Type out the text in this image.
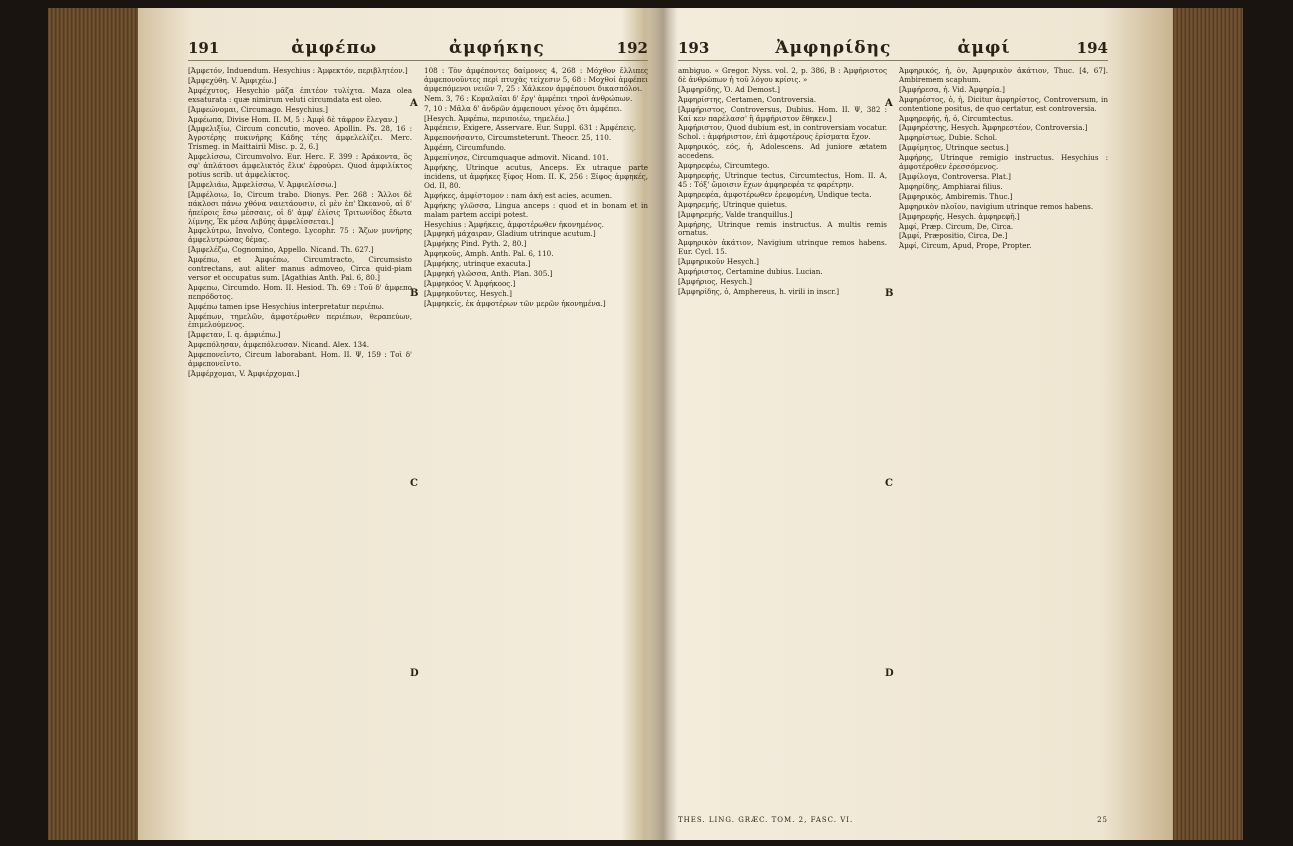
191	ἀμφέπω	ἀμφήκης	192

[Ἀμφετόν, Induendum. Hesychius : Ἀμφεκτόν, περιβλητέον.]

[Ἀμφεχύθη. V. Ἀμφιχέω.]

Ἀμφέχυτος, Hesychio μᾶζα ἐπιτέον τυλίχτα. Maza olea exsaturata : quæ nimirum veluti circumdata est oleo.

[Ἀμφεώνομαι, Circumago. Hesychius.]

Ἀμφέωπα, Divise Hom. II. M, 5 : Ἀμφὶ δὲ τάφρον ἔλεγαν.]

[Ἀμφελιξίω, Circum concutio, moveo. Apollin. Ps. 28, 16 : Ἀγροτέρης πυκινήρης Κάδης τέης ἀμφελελίζει. Merc. Trismeg. in Maittairii Misc. p. 2, 6.]

Ἀμφελίσσω, Circumvolvo. Eur. Herc. F. 399 : Ἀράκοντα, ὃς σφ' ἀπλάτοσι ἀμφελικτός ἕλικ' ἐφρούρει. Quod ἀμφιλίκτος potius scrib. ut ἀμφελίκτος.

[Ἀμφελιάω, Ἀμφελίσσω, V. Ἀμφιελίσσω.]

[Ἀμφέλοιω, Io, Circum trabo. Dionys. Per. 268 : Ἄλλοι δὲ πάκλοσι πάνω χθόνα ναιετάουσιν, εἰ μὲν ἐπ' Ὠκεανοῦ, αἱ δ' ἠπείροις ἔσω μέσσαις, οἱ δ' ἀμφ' ἑλίσις Τριτωνίδος ἔδωτα λίμνης, Ἐκ μέσα Λιβύης ἀμφελίσσεται.]

Ἀμφελύτρω, Involvo, Contego. Lycophr. 75 : Ἄζων μυνήρης ἀμφελυτρώσας δέμας.

[Ἀμφελέζω, Cognomino, Appello. Nicand. Th. 627.]

Ἀμφέπω, et Ἀμφιέπω, Circumtracto, Circumsisto contrectans, aut aliter manus admoveo, Circa quid-piam versor et occupatus sum. [Agathias Anth. Pal. 6, 80.]

Ἀμφεπω, Circumdo. Hom. II. Hesiod. Th. 69 : Τοῦ δ' ἀμφεπο πεπρόδοτος.

Ἀμφέπω tamen ipse Hesychius interpretatur περιέπω.

Ἀμφέπων, τημελῶν, ἀμφοτέρωθεν περιέπων, θεραπεύων, ἐπιμελούμενος.

[Ἀμφεταν, I. q. ἀμφιέπω.]

Ἀμφεπόλησαν, ἀμφεπόλευσαν. Nicand. Alex. 134.

Ἀμφεπονεῖντο, Circum laborabant. Hom. II. Ψ, 159 : Τοὶ δ' ἀμφεπονεῖντο.

[Ἀμφέρχομαι, V. Ἀμφιέρχομαι.]

108 : Τὸν ἀμφέποντες δαίμονες 4, 268 : Μόχθον ἔλλιπες ἀμφεπονοῦντες περὶ πτυχὰς τείχεσιν 5, 68 : Μοχθοί ἀμφέπει ἀμφεπόμενοι νειῶν 7, 25 : Χάλκεον ἀμφέπουσι δικασπόλοι.

Nem. 3, 76 : Κεφαλαῖαι δ' ἔργ' ἀμφέπει τηροὶ ἀνθρώπων.

7, 10 : Μᾶλα δ' ἀνδρῶν ἀμφεπουσι γένος ὅτι ἀμφέπει.

[Hesych. Ἀμφέπω, περιποιέω, τημελέω.]

Ἀμφέπειν, Exigere, Asservare. Eur. Suppl. 631 : Ἀμφέπεις.

Ἀμφεπονήσαντο, Circumsteterunt. Theocr. 25, 110.

Ἀμφέπη, Circumfundo.

Ἀμφεπίνησε, Circumquaque admovit. Nicand. 101.

Ἀμφήκης, Utrinque acutus, Anceps. Ex utraque parte incidens, ut ἀμφήκες ξίφος Hom. II. K, 256 : Ξίφος ἀμφηκές, Od. II, 80.

Ἀμφήκες, ἀμφίστομον : nam ἀκὴ est acies, acumen.

Ἀμφήκης γλῶσσα, Lingua anceps : quod et in bonam et in malam partem accipi potest.

Hesychius : Ἀμφήκεις, ἀμφοτέρωθεν ἠκονημένος.

[Ἀμφηκή μάχαιραν, Gladium utrinque acutum.]

[Ἀμφήκης Pind. Pyth. 2, 80.]

Ἀμφηκοῦς, Amph. Anth. Pal. 6, 110.

[Ἀμφήκης, utrinque exacuta.]

[Ἀμφηκή γλῶσσα, Anth. Plan. 305.]

[Ἀμφηκόος V. Ἀμφήκοος.]

[Ἀμφηκοῦντες, Hesych.]

[Ἀμφηκείς, ἐκ ἀμφοτέρων τῶν μερῶν ἠκονημένα.]

A
B
C
D
193	Ἀμφηρίδης	ἀμφί	194

ambiguo. « Gregor. Nyss. vol. 2, p. 386, B : Ἀμφήριστος δὲ ἀνθρώπων ἡ τοῦ λόγου κρίσις. »

[Ἀμφηρίδης, Ὁ. Ad Demost.]

Ἀμφηρίστης, Certamen, Controversia.

[Ἀμφήριστος, Controversus, Dubius. Hom. II. Ψ, 382 : Καί κεν παρέλασσ' ἢ ἀμφήριστον ἔθηκεν.]

Ἀμφήριστον, Quod dubium est, in controversiam vocatur. Schol. : ἀμφήριστον, ἐπὶ ἀμφοτέρους ἐρίσματα ἔχον.

Ἀμφηρικός, εός, ἡ, Adolescens. Ad juniore ætatem accedens.

Ἀμφηρεφέω, Circumtego.

Ἀμφηρεφής, Utrinque tectus, Circumtectus, Hom. II. A, 45 : Τόξ' ὤμοισιν ἔχων ἀμφηρεφέα τε φαρέτρην.

Ἀμφηρεφέα, ἀμφοτέρωθεν ἐρεφομένη, Undique tecta.

Ἀμφηρεμής, Utrinque quietus.

[Ἀμφηρεμής, Valde tranquillus.]

Ἀμφήρης, Utrinque remis instructus. A multis remis ornatus.

Ἀμφηρικὸν ἀκάτιον, Navigium utrinque remos habens. Eur. Cycl. 15.

[Ἀμφηρικοῦν Hesych.]

Ἀμφήριστος, Certamine dubius. Lucian.

[Ἀμφήριος, Hesych.]

[Ἀμφηρίδης, ὁ, Amphereus, h. virili in inscr.]

Ἀμφηρικός, ἡ, ὁν, Ἀμφηρικὸν ἀκάτιον, Thuc. [4, 67]. Ambiremem scaphum.

[Ἀμφήρεσα, ἡ. Vid. Ἀμφηρία.]

Ἀμφηρέστος, ὁ, ἡ, Dicitur ἀμφηρίστος, Controversum, in contentione positus, de quo certatur, est controversia.

Ἀμφηρεφής, ἡ, ὁ, Circumtectus.

[Ἀμφηρέστης, Hesych. Ἀμφηρεστέον, Controversia.]

Ἀμφηρίστως, Dubie. Schol.

[Ἀμφίμητος, Utrinque sectus.]

Ἀμφήρης, Utrinque remigio instructus. Hesychius : ἀμφοτέροθεν ἐρεσσόμενος.

[Ἀμφίλογα, Controversa. Plat.]

Ἀμφηρίδης, Amphiarai filius.

[Ἀμφηρικὸς, Ambiremis. Thuc.]

Ἀμφηρικὸν πλοῖον, navigium utrinque remos habens.

[Ἀμφηρεφής, Hesych. ἀμφηρεφῆ.]

Ἀμφί, Præp. Circum, De, Circa.

[Ἀμφί, Præpositio, Circa, De.]

Ἀμφί, Circum, Apud, Prope, Propter.

A
B
C
D
THES. LING. GRÆC. TOM. 2, FASC. VI.	25
